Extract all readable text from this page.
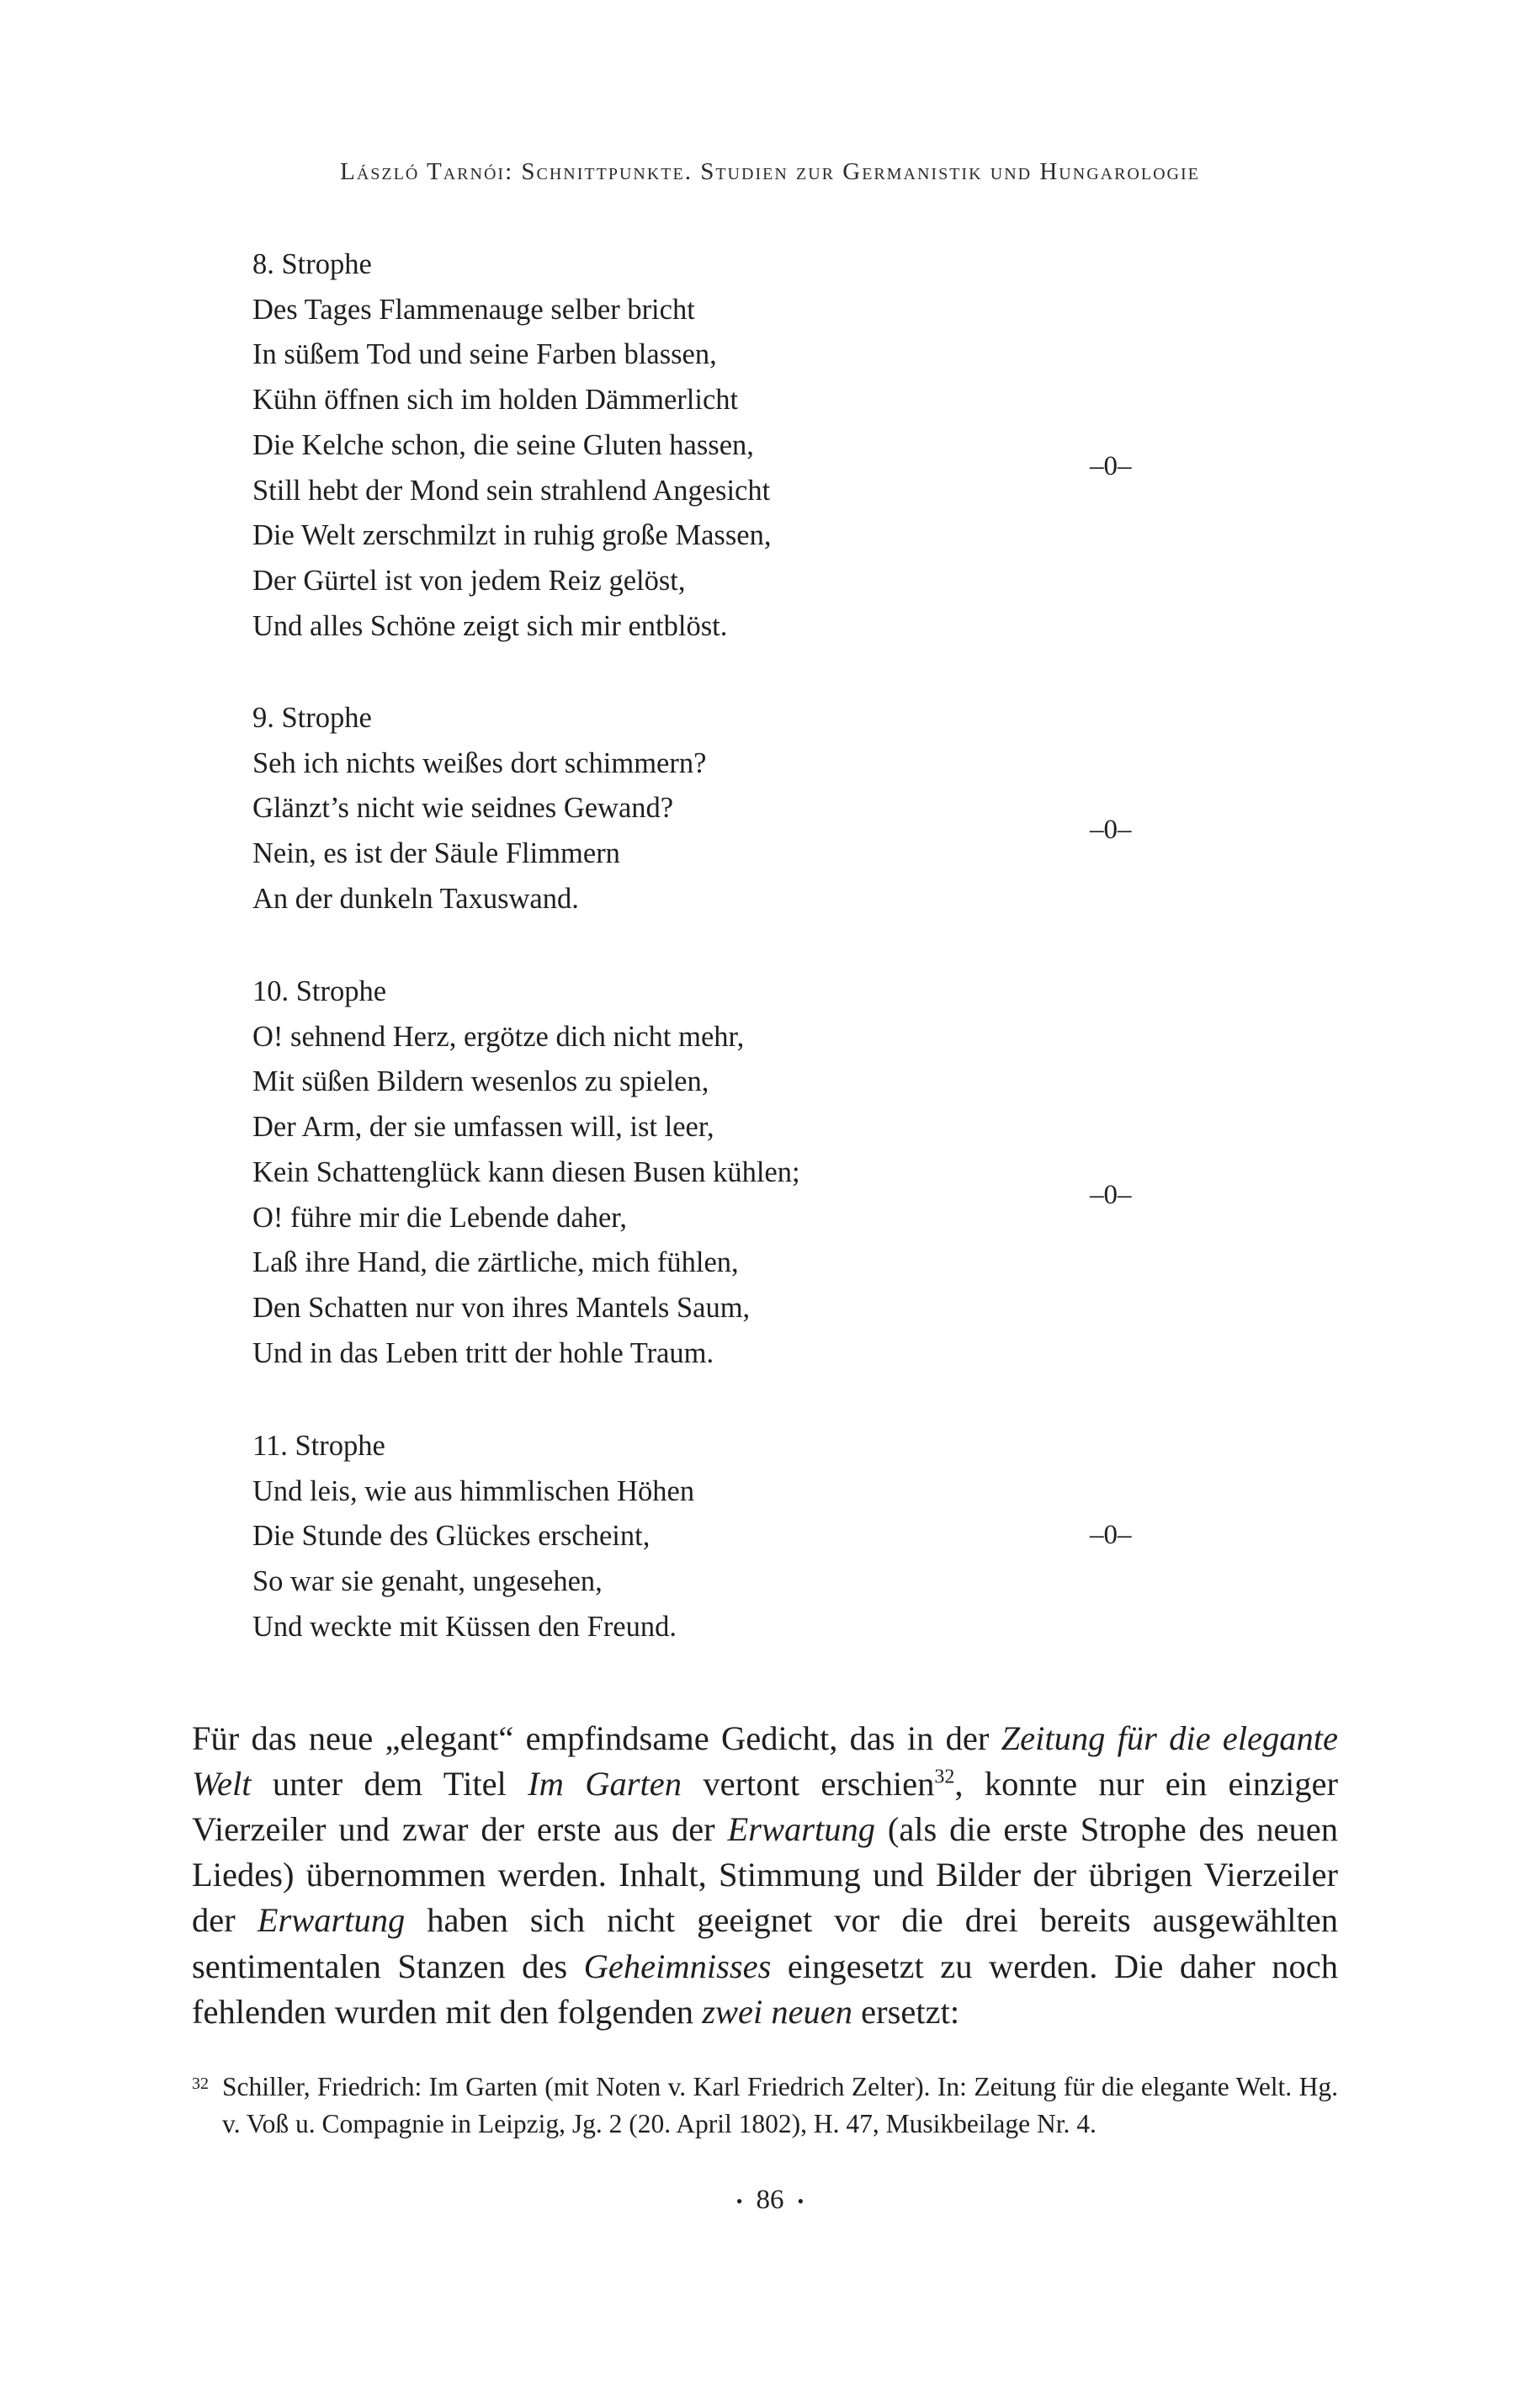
László Tarnói: Schnittpunkte. Studien zur Germanistik und Hungarologie
8. Strophe
Des Tages Flammenauge selber bricht
In süßem Tod und seine Farben blassen,
Kühn öffnen sich im holden Dämmerlicht
Die Kelche schon, die seine Gluten hassen,
Still hebt der Mond sein strahlend Angesicht
Die Welt zerschmilzt in ruhig große Massen,
Der Gürtel ist von jedem Reiz gelöst,
Und alles Schöne zeigt sich mir entblöst.
–0–
9. Strophe
Seh ich nichts weißes dort schimmern?
Glänzt’s nicht wie seidnes Gewand?
Nein, es ist der Säule Flimmern
An der dunkeln Taxuswand.
–0–
10. Strophe
O! sehnend Herz, ergötze dich nicht mehr,
Mit süßen Bildern wesenlos zu spielen,
Der Arm, der sie umfassen will, ist leer,
Kein Schattenglück kann diesen Busen kühlen;
O! führe mir die Lebende daher,
Laß ihre Hand, die zärtliche, mich fühlen,
Den Schatten nur von ihres Mantels Saum,
Und in das Leben tritt der hohle Traum.
–0–
11. Strophe
Und leis, wie aus himmlischen Höhen
Die Stunde des Glückes erscheint,
So war sie genaht, ungesehen,
Und weckte mit Küssen den Freund.
–0–

Für das neue „elegant“ empfindsame Gedicht, das in der Zeitung für die elegante Welt unter dem Titel Im Garten vertont erschien$^{32}$, konnte nur ein einziger Vierzeiler und zwar der erste aus der Erwartung (als die erste Strophe des neuen Liedes) übernommen werden. Inhalt, Stimmung und Bilder der übrigen Vierzeiler der Erwartung haben sich nicht geeignet vor die drei bereits ausgewählten sentimentalen Stanzen des Geheimnisses eingesetzt zu werden. Die daher noch fehlenden wurden mit den folgenden zwei neuen ersetzt:

32 Schiller, Friedrich: Im Garten (mit Noten v. Karl Friedrich Zelter). In: Zeitung für die elegante Welt. Hg. v. Voß u. Compagnie in Leipzig, Jg. 2 (20. April 1802), H. 47, Musikbeilage Nr. 4.
• 86 •
